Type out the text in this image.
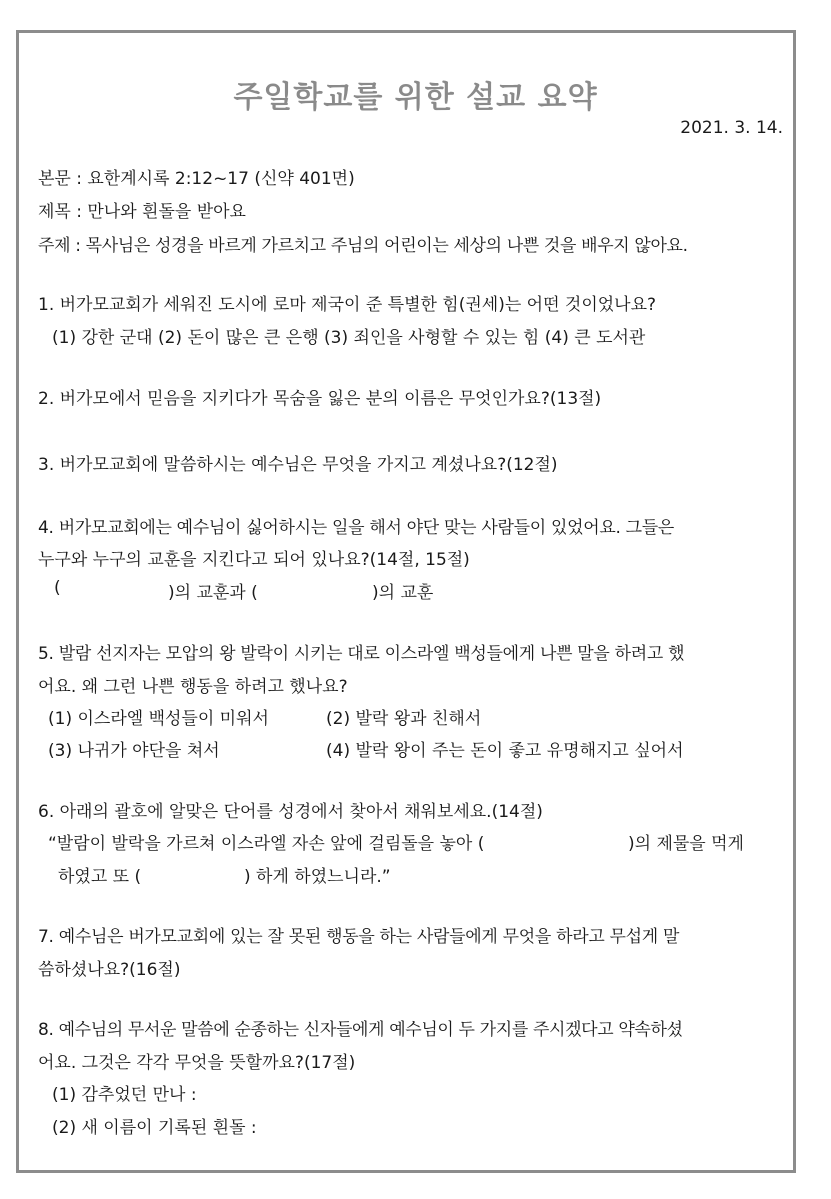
주일학교를 위한 설교 요약
2021. 3. 14.
본문 : 요한계시록 2:12~17 (신약 401면)
제목 : 만나와 흰돌을 받아요
주제 : 목사님은 성경을 바르게 가르치고 주님의 어린이는 세상의 나쁜 것을 배우지 않아요.
1. 버가모교회가 세워진 도시에 로마 제국이 준 특별한 힘(권세)는 어떤 것이었나요?
(1) 강한 군대 (2) 돈이 많은 큰 은행 (3) 죄인을 사형할 수 있는 힘 (4) 큰 도서관
2. 버가모에서 믿음을 지키다가 목숨을 잃은 분의 이름은 무엇인가요?(13절)
3. 버가모교회에 말씀하시는 예수님은 무엇을 가지고 계셨나요?(12절)
4. 버가모교회에는 예수님이 싫어하시는 일을 해서 야단 맞는 사람들이 있었어요. 그들은
누구와 누구의 교훈을 지킨다고 되어 있나요?(14절, 15절)
(	)의 교훈과 (	)의 교훈
5. 발람 선지자는 모압의 왕 발락이 시키는 대로 이스라엘 백성들에게 나쁜 말을 하려고 했
어요. 왜 그런 나쁜 행동을 하려고 했나요?
(1) 이스라엘 백성들이 미워서	(2) 발락 왕과 친해서
(3) 나귀가 야단을 쳐서	(4) 발락 왕이 주는 돈이 좋고 유명해지고 싶어서
6. 아래의 괄호에 알맞은 단어를 성경에서 찾아서 채워보세요.(14절)
“발람이 발락을 가르쳐 이스라엘 자손 앞에 걸림돌을 놓아 (	)의 제물을 먹게
하였고 또 (	) 하게 하였느니라.”
7. 예수님은 버가모교회에 있는 잘 못된 행동을 하는 사람들에게 무엇을 하라고 무섭게 말
씀하셨나요?(16절)
8. 예수님의 무서운 말씀에 순종하는 신자들에게 예수님이 두 가지를 주시겠다고 약속하셨
어요. 그것은 각각 무엇을 뜻할까요?(17절)
(1) 감추었던 만나 :
(2) 새 이름이 기록된 흰돌 :
